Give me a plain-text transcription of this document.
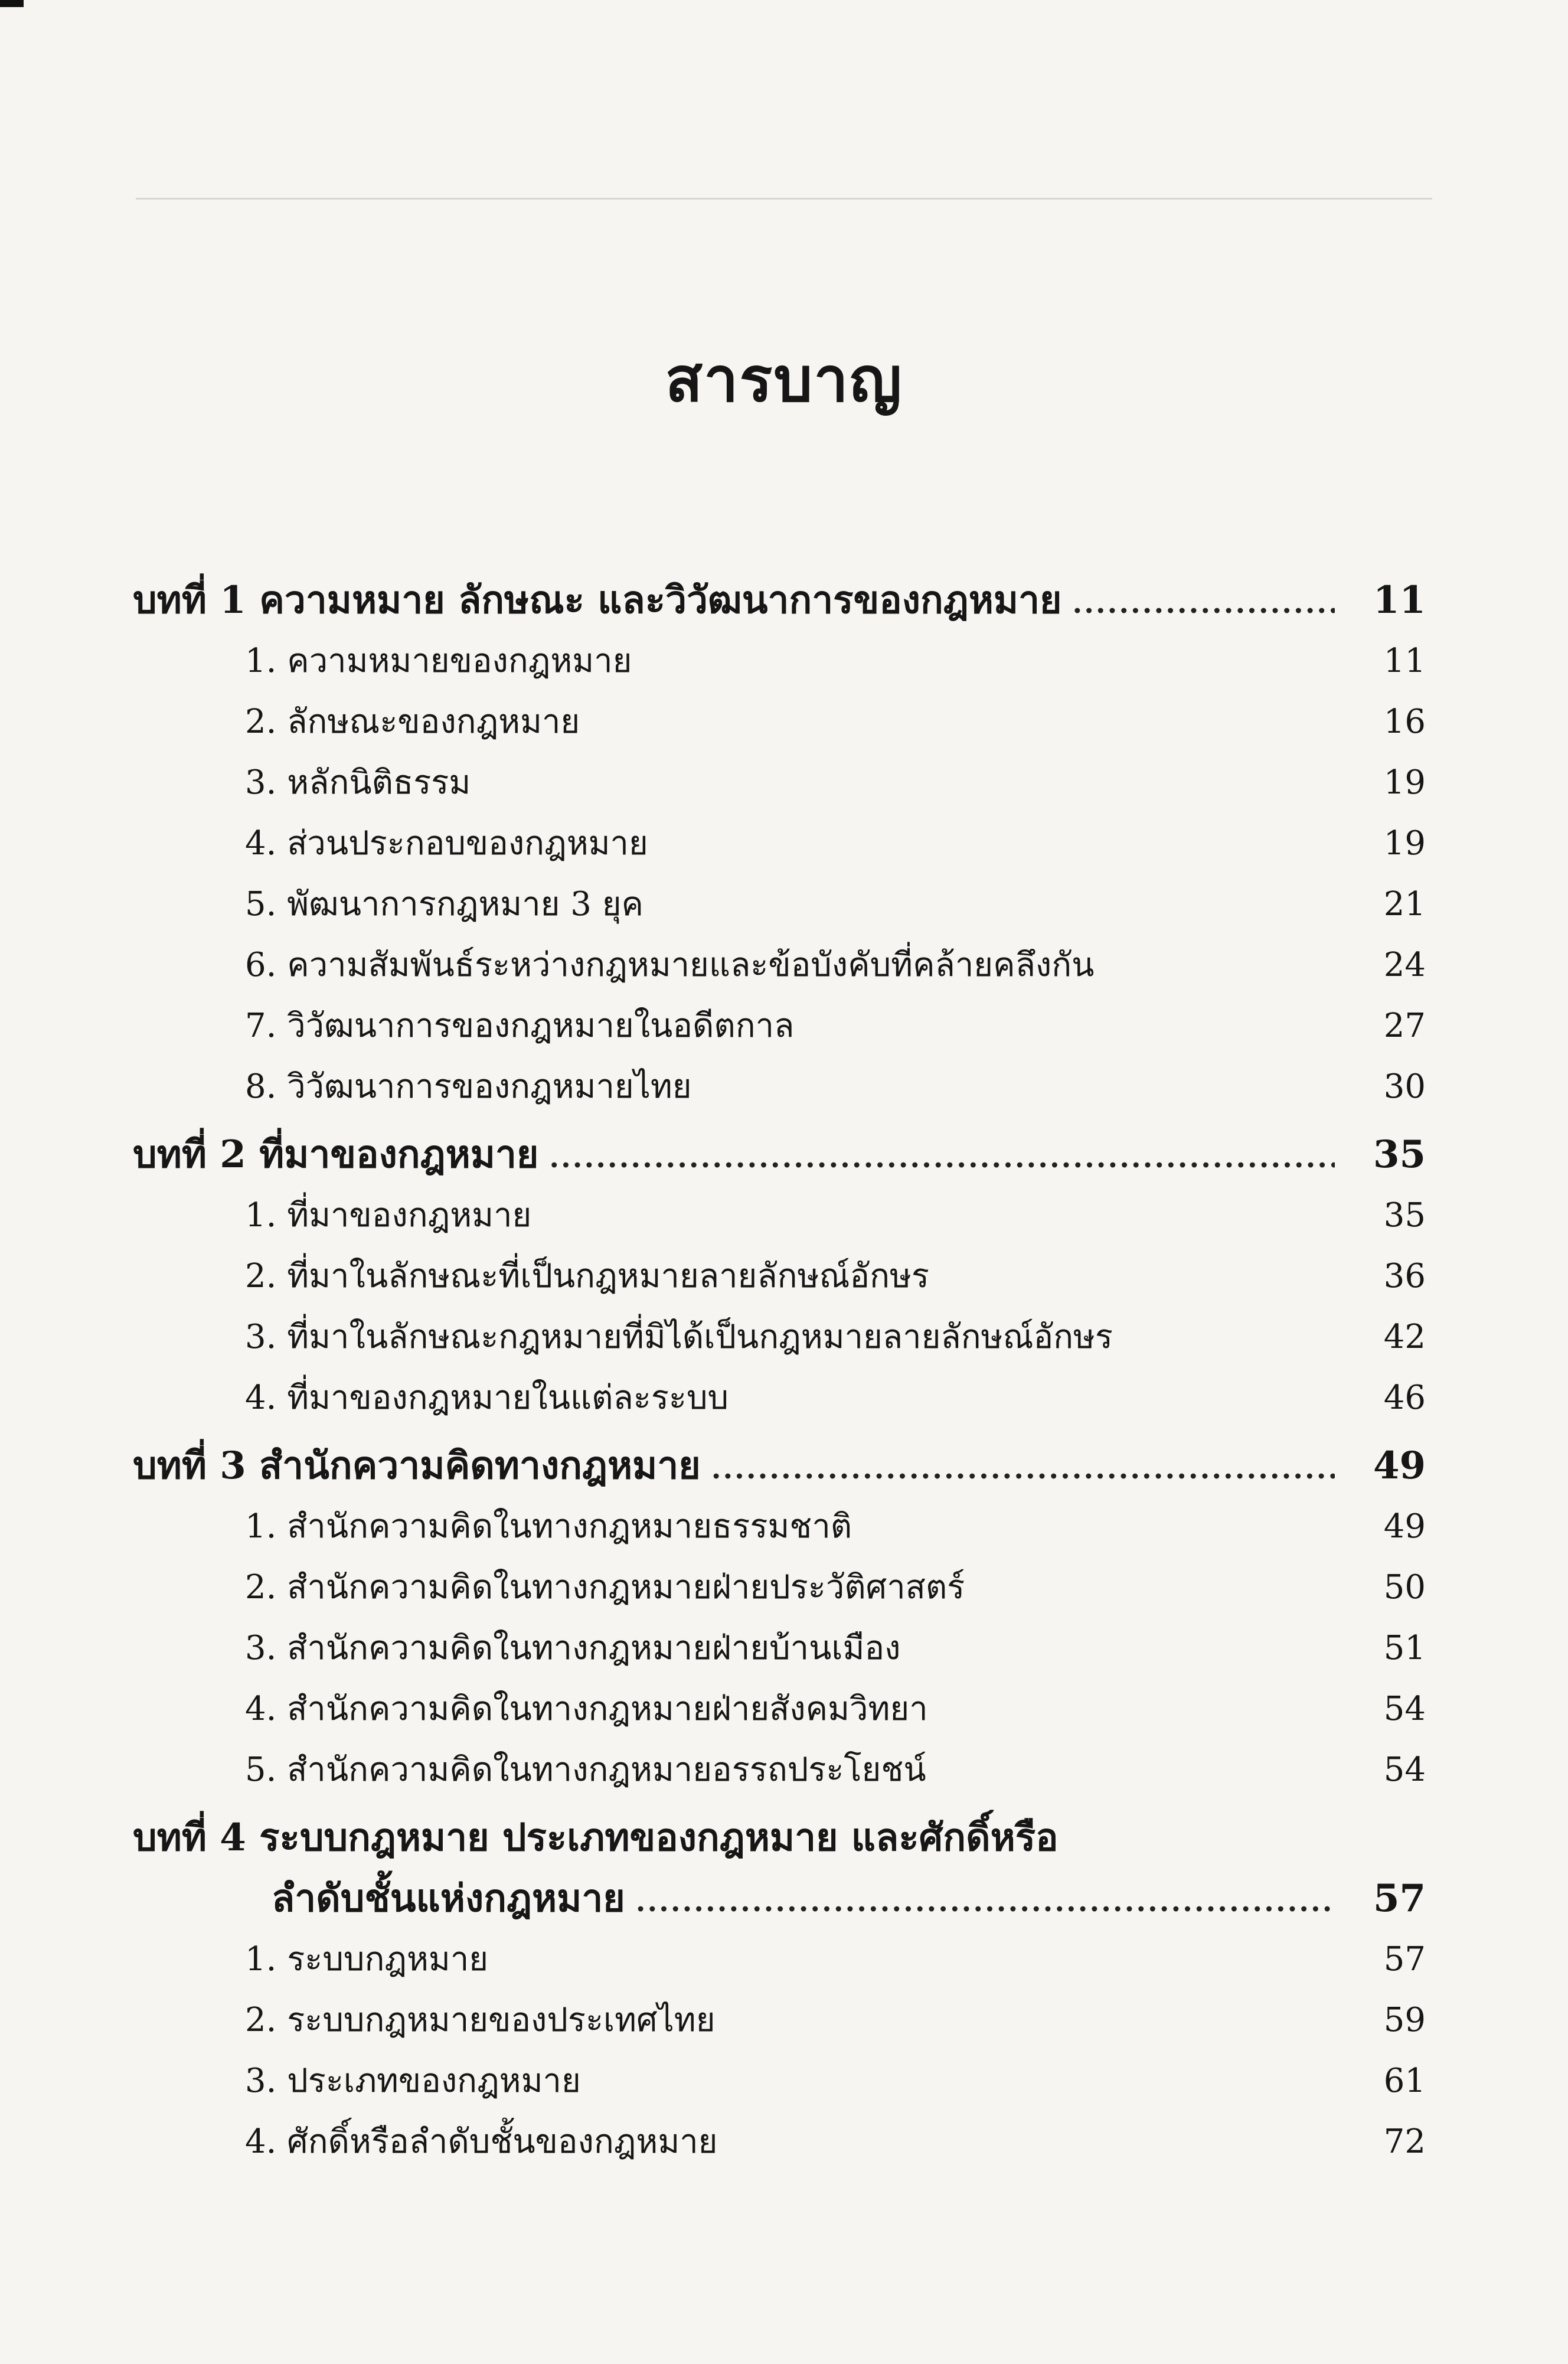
สารบาญ
บทที่ 1 ความหมาย ลักษณะ และวิวัฒนาการของกฎหมาย .....	11
1. ความหมายของกฎหมาย	11
2. ลักษณะของกฎหมาย	16
3. หลักนิติธรรม	19
4. ส่วนประกอบของกฎหมาย	19
5. พัฒนาการกฎหมาย 3 ยุค	21
6. ความสัมพันธ์ระหว่างกฎหมายและข้อบังคับที่คล้ายคลึงกัน	24
7. วิวัฒนาการของกฎหมายในอดีตกาล	27
8. วิวัฒนาการของกฎหมายไทย	30
บทที่ 2 ที่มาของกฎหมาย .....	35
1. ที่มาของกฎหมาย	35
2. ที่มาในลักษณะที่เป็นกฎหมายลายลักษณ์อักษร	36
3. ที่มาในลักษณะกฎหมายที่มิได้เป็นกฎหมายลายลักษณ์อักษร	42
4. ที่มาของกฎหมายในแต่ละระบบ	46
บทที่ 3 สำนักความคิดทางกฎหมาย .....	49
1. สำนักความคิดในทางกฎหมายธรรมชาติ	49
2. สำนักความคิดในทางกฎหมายฝ่ายประวัติศาสตร์	50
3. สำนักความคิดในทางกฎหมายฝ่ายบ้านเมือง	51
4. สำนักความคิดในทางกฎหมายฝ่ายสังคมวิทยา	54
5. สำนักความคิดในทางกฎหมายอรรถประโยชน์	54
บทที่ 4 ระบบกฎหมาย ประเภทของกฎหมาย และศักดิ์หรือ
ลำดับชั้นแห่งกฎหมาย .....	57
1. ระบบกฎหมาย	57
2. ระบบกฎหมายของประเทศไทย	59
3. ประเภทของกฎหมาย	61
4. ศักดิ์หรือลำดับชั้นของกฎหมาย	72
